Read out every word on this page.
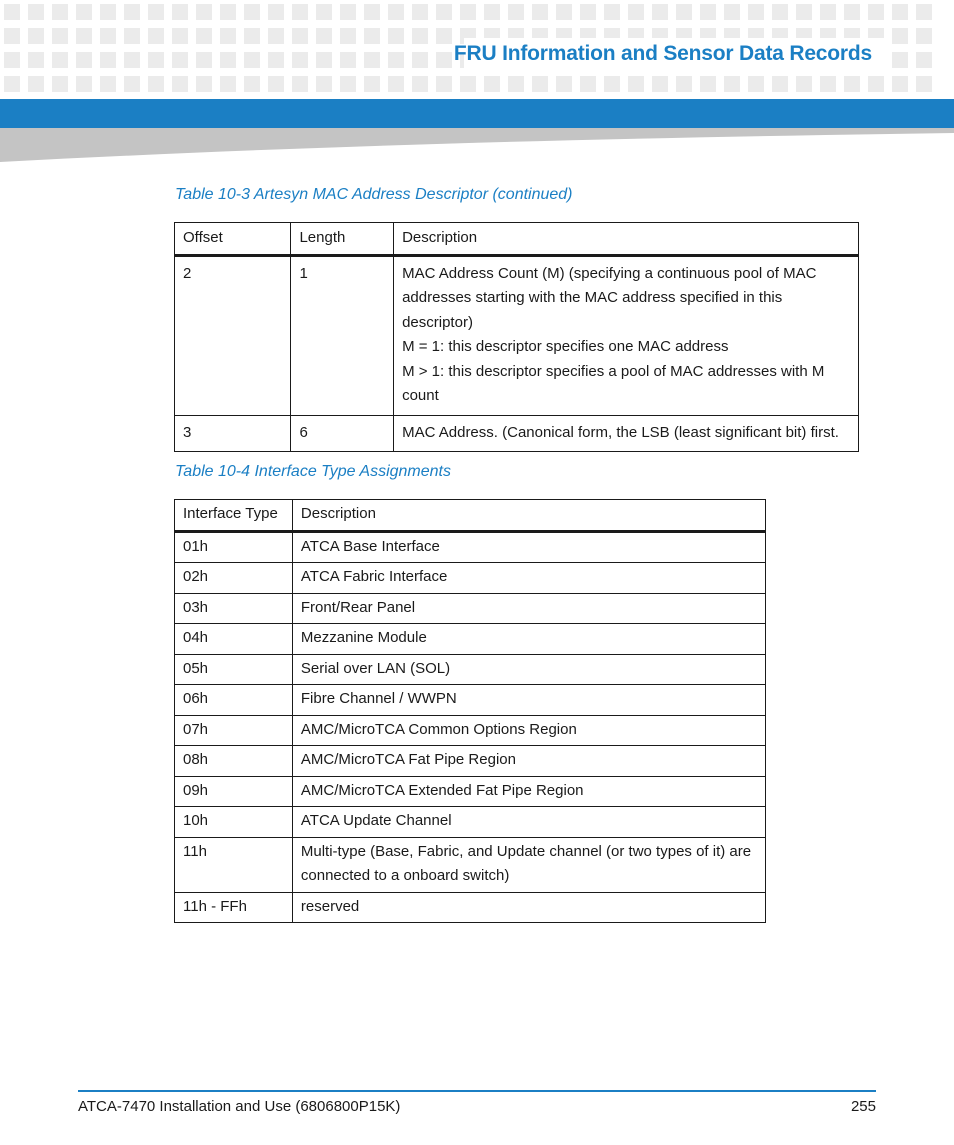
FRU Information and Sensor Data Records
Table 10-3 Artesyn MAC Address Descriptor (continued)
Offset	Length	Description
2	1	MAC Address Count (M) (specifying a continuous pool of MAC addresses starting with the MAC address specified in this descriptor)
M = 1: this descriptor specifies one MAC address
M > 1: this descriptor specifies a pool of MAC addresses with M count

3	6	MAC Address. (Canonical form, the LSB (least significant bit) first.
Table 10-4 Interface Type Assignments
Interface Type	Description
01h	ATCA Base Interface
02h	ATCA Fabric Interface
03h	Front/Rear Panel
04h	Mezzanine Module
05h	Serial over LAN (SOL)
06h	Fibre Channel / WWPN
07h	AMC/MicroTCA Common Options Region
08h	AMC/MicroTCA Fat Pipe Region
09h	AMC/MicroTCA Extended Fat Pipe Region
10h	ATCA Update Channel
11h	Multi-type (Base, Fabric, and Update channel (or two types of it) are connected to a onboard switch)
11h - FFh	reserved
ATCA-7470 Installation and Use (6806800P15K)	255
